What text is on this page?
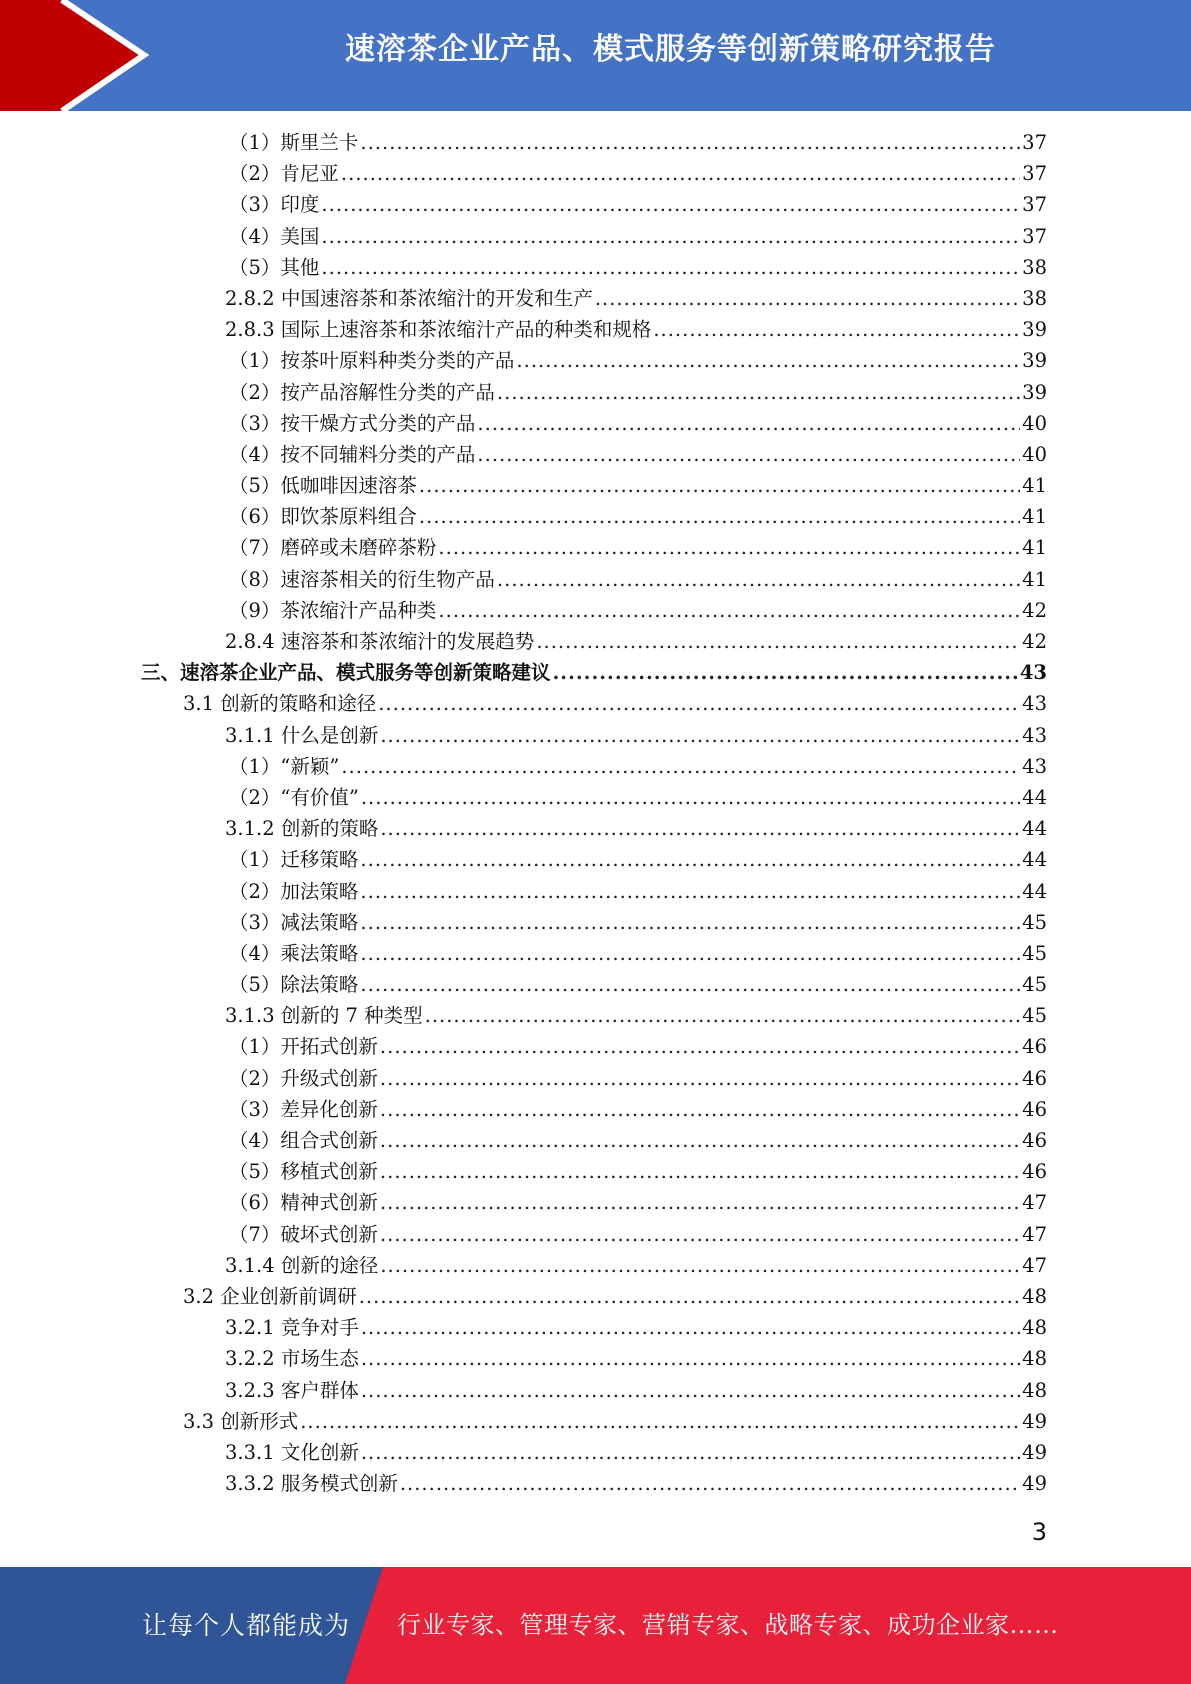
速溶茶企业产品、模式服务等创新策略研究报告
（1）斯里兰卡 .....	37
（2）肯尼亚 .....	37
（3）印度 .....	37
（4）美国 .....	37
（5）其他 .....	38
2.8.2 中国速溶茶和茶浓缩汁的开发和生产 .....	38
2.8.3 国际上速溶茶和茶浓缩汁产品的种类和规格 .....	39
（1）按茶叶原料种类分类的产品 .....	39
（2）按产品溶解性分类的产品 .....	39
（3）按干燥方式分类的产品 .....	40
（4）按不同辅料分类的产品 .....	40
（5）低咖啡因速溶茶 .....	41
（6）即饮茶原料组合 .....	41
（7）磨碎或未磨碎茶粉 .....	41
（8）速溶茶相关的衍生物产品 .....	41
（9）茶浓缩汁产品种类 .....	42
2.8.4 速溶茶和茶浓缩汁的发展趋势 .....	42
三、速溶茶企业产品、模式服务等创新策略建议 .....	43
3.1 创新的策略和途径 .....	43
3.1.1 什么是创新 .....	43
（1）“新颖” .....	43
（2）“有价值” .....	44
3.1.2 创新的策略 .....	44
（1）迁移策略 .....	44
（2）加法策略 .....	44
（3）减法策略 .....	45
（4）乘法策略 .....	45
（5）除法策略 .....	45
3.1.3 创新的 7 种类型 .....	45
（1）开拓式创新 .....	46
（2）升级式创新 .....	46
（3）差异化创新 .....	46
（4）组合式创新 .....	46
（5）移植式创新 .....	46
（6）精神式创新 .....	47
（7）破坏式创新 .....	47
3.1.4 创新的途径 .....	47
3.2 企业创新前调研 .....	48
3.2.1 竞争对手 .....	48
3.2.2 市场生态 .....	48
3.2.3 客户群体 .....	48
3.3 创新形式 .....	49
3.3.1 文化创新 .....	49
3.3.2 服务模式创新 .....	49
3
让每个人都能成为 行业专家、管理专家、营销专家、战略专家、成功企业家……
